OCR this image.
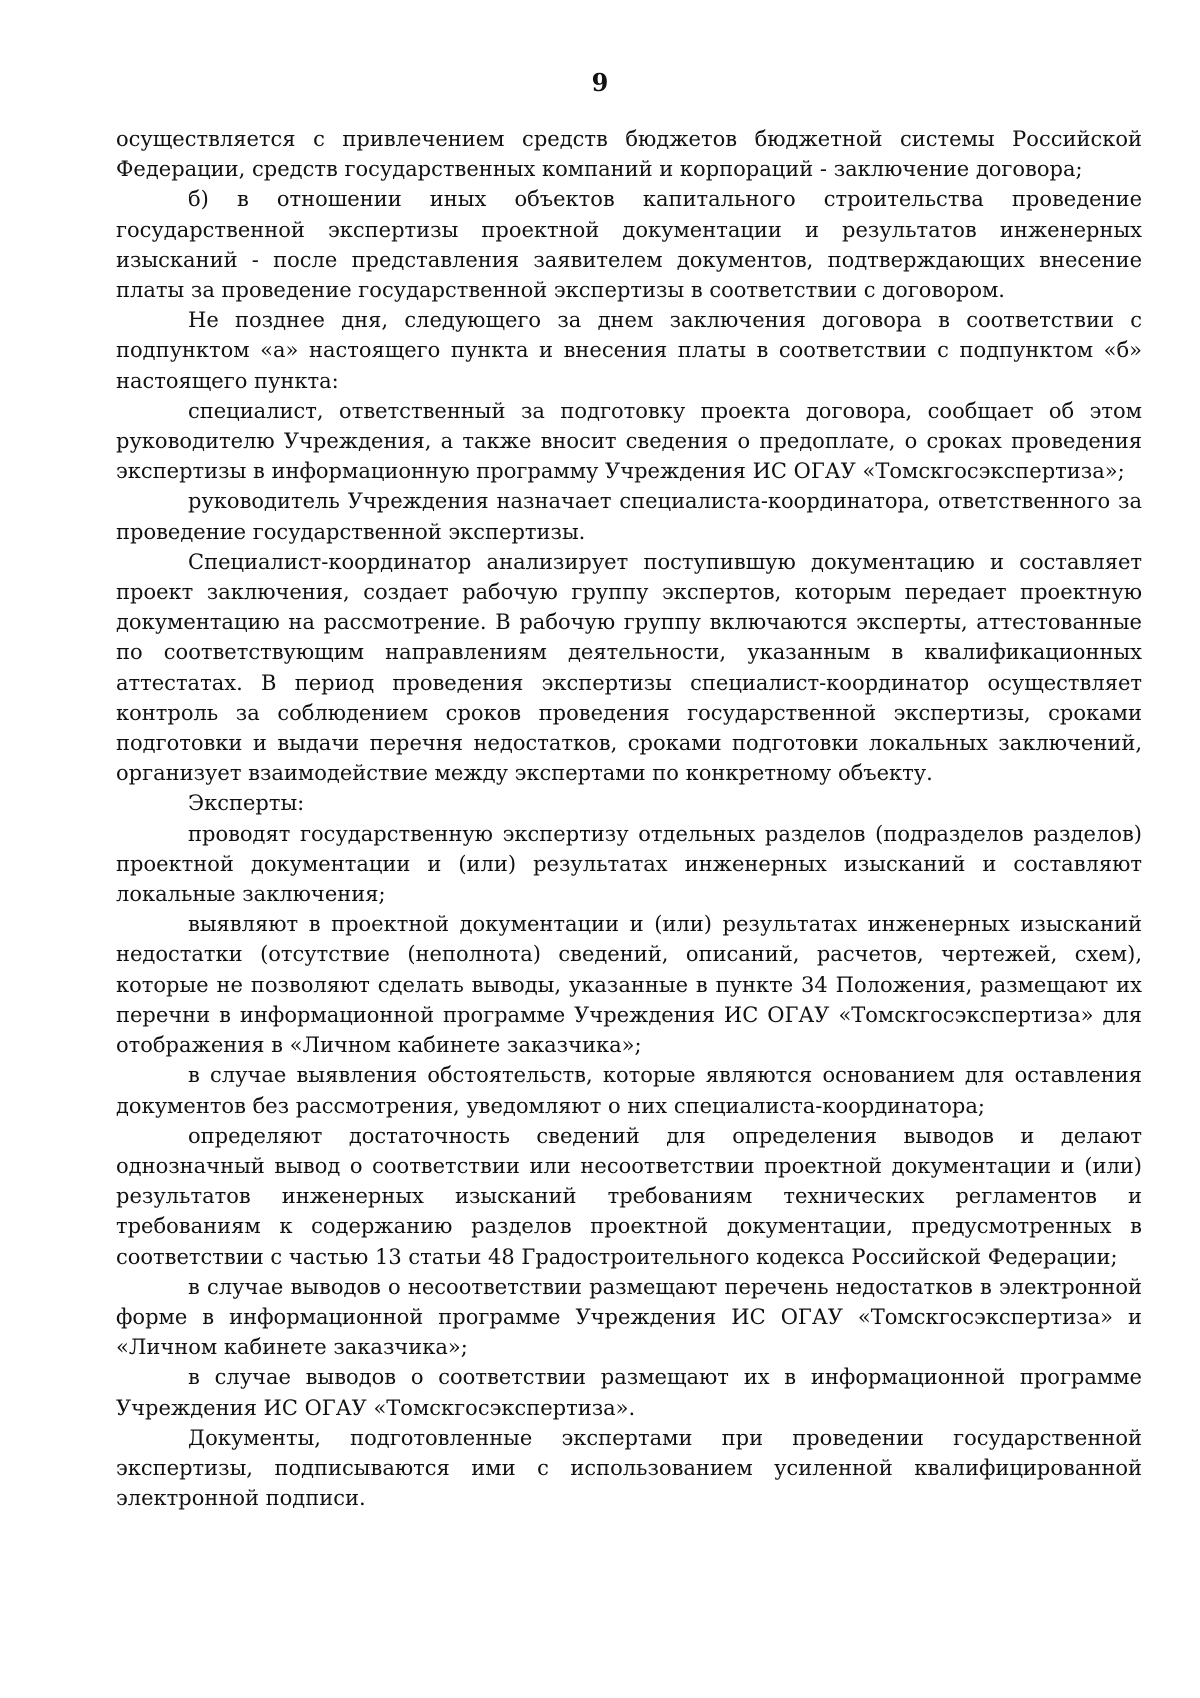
9

осуществляется с привлечением средств бюджетов бюджетной системы Российской Федерации, средств государственных компаний и корпораций - заключение договора;

б) в отношении иных объектов капитального строительства проведение государственной экспертизы проектной документации и результатов инженерных изысканий - после представления заявителем документов, подтверждающих внесение платы за проведение государственной экспертизы в соответствии с договором.

Не позднее дня, следующего за днем заключения договора в соответствии с подпунктом «а» настоящего пункта и внесения платы в соответствии с подпунктом «б» настоящего пункта:

специалист, ответственный за подготовку проекта договора, сообщает об этом руководителю Учреждения, а также вносит сведения о предоплате, о сроках проведения экспертизы в информационную программу Учреждения ИС ОГАУ «Томскгосэкспертиза»;

руководитель Учреждения назначает специалиста-координатора, ответственного за проведение государственной экспертизы.

Специалист-координатор анализирует поступившую документацию и составляет проект заключения, создает рабочую группу экспертов, которым передает проектную документацию на рассмотрение. В рабочую группу включаются эксперты, аттестованные по соответствующим направлениям деятельности, указанным в квалификационных аттестатах. В период проведения экспертизы специалист-координатор осуществляет контроль за соблюдением сроков проведения государственной экспертизы, сроками подготовки и выдачи перечня недостатков, сроками подготовки локальных заключений, организует взаимодействие между экспертами по конкретному объекту.

Эксперты:

проводят государственную экспертизу отдельных разделов (подразделов разделов) проектной документации и (или) результатах инженерных изысканий и составляют локальные заключения;

выявляют в проектной документации и (или) результатах инженерных изысканий недостатки (отсутствие (неполнота) сведений, описаний, расчетов, чертежей, схем), которые не позволяют сделать выводы, указанные в пункте 34 Положения, размещают их перечни в информационной программе Учреждения ИС ОГАУ «Томскгосэкспертиза» для отображения в «Личном кабинете заказчика»;

в случае выявления обстоятельств, которые являются основанием для оставления документов без рассмотрения, уведомляют о них специалиста-координатора;

определяют достаточность сведений для определения выводов и делают однозначный вывод о соответствии или несоответствии проектной документации и (или) результатов инженерных изысканий требованиям технических регламентов и требованиям к содержанию разделов проектной документации, предусмотренных в соответствии с частью 13 статьи 48 Градостроительного кодекса Российской Федерации;

в случае выводов о несоответствии размещают перечень недостатков в электронной форме в информационной программе Учреждения ИС ОГАУ «Томскгосэкспертиза» и «Личном кабинете заказчика»;

в случае выводов о соответствии размещают их в информационной программе Учреждения ИС ОГАУ «Томскгосэкспертиза».

Документы, подготовленные экспертами при проведении государственной экспертизы, подписываются ими с использованием усиленной квалифицированной электронной подписи.
